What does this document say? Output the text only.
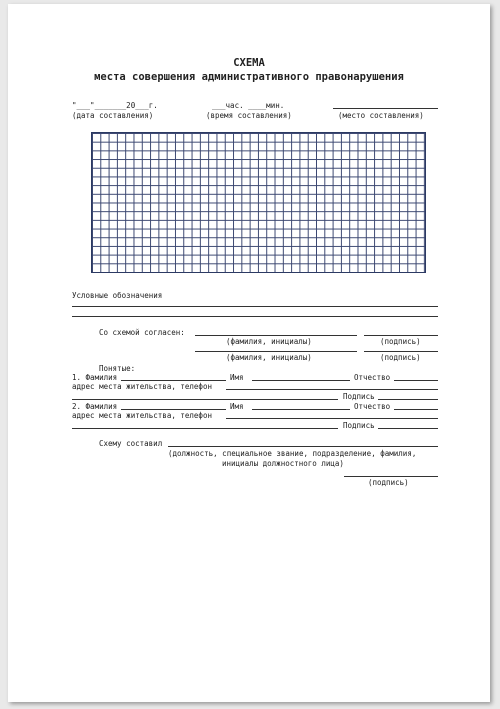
СХЕМА
места совершения административного правонарушения
"___"_______20___г.	___час. ____мин.
(дата составления)	(время составления)	(место составления)
Условные обозначения
Со схемой согласен:
(фамилия, инициалы)	(подпись)
(фамилия, инициалы)	(подпись)
Понятые:
1. Фамилия	Имя	Отчество
адрес места жительства, телефон
Подпись
2. Фамилия	Имя	Отчество
адрес места жительства, телефон
Подпись
Схему составил
(должность, специальное звание, подразделение, фамилия,
инициалы должностного лица)
(подпись)
